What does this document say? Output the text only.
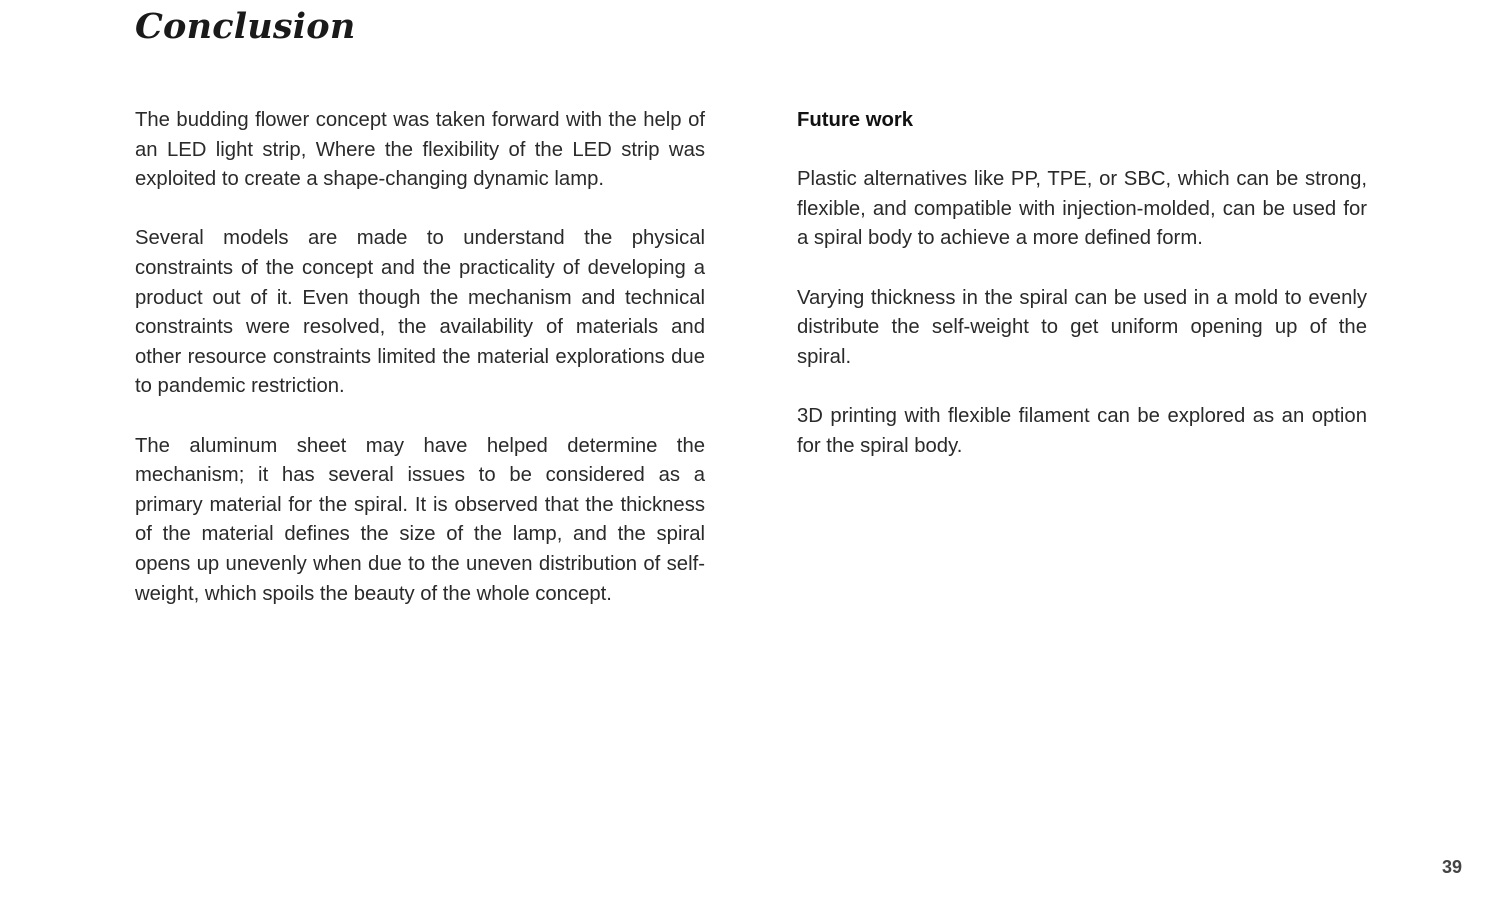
Conclusion

The budding flower concept was taken forward with the help of an LED light strip, Where the flexibility of the LED strip was exploited to create a shape-changing dynamic lamp.

Several models are made to understand the physical constraints of the concept and the practicality of developing a product out of it. Even though the mechanism and technical constraints were resolved, the availability of materials and other resource constraints limited the material explorations due to pandemic restriction.

The aluminum sheet may have helped determine the mechanism; it has several issues to be considered as a primary material for the spiral. It is observed that the thickness of the material defines the size of the lamp, and the spiral opens up unevenly when due to the uneven distribution of self-weight, which spoils the beauty of the whole concept.

Future work

Plastic alternatives like PP, TPE, or SBC, which can be strong, flexible, and compatible with injection-molded, can be used for a spiral body to achieve a more defined form.

Varying thickness in the spiral can be used in a mold to evenly distribute the self-weight to get uniform opening up of the spiral.

3D printing with flexible filament can be explored as an option for the spiral body.

39
